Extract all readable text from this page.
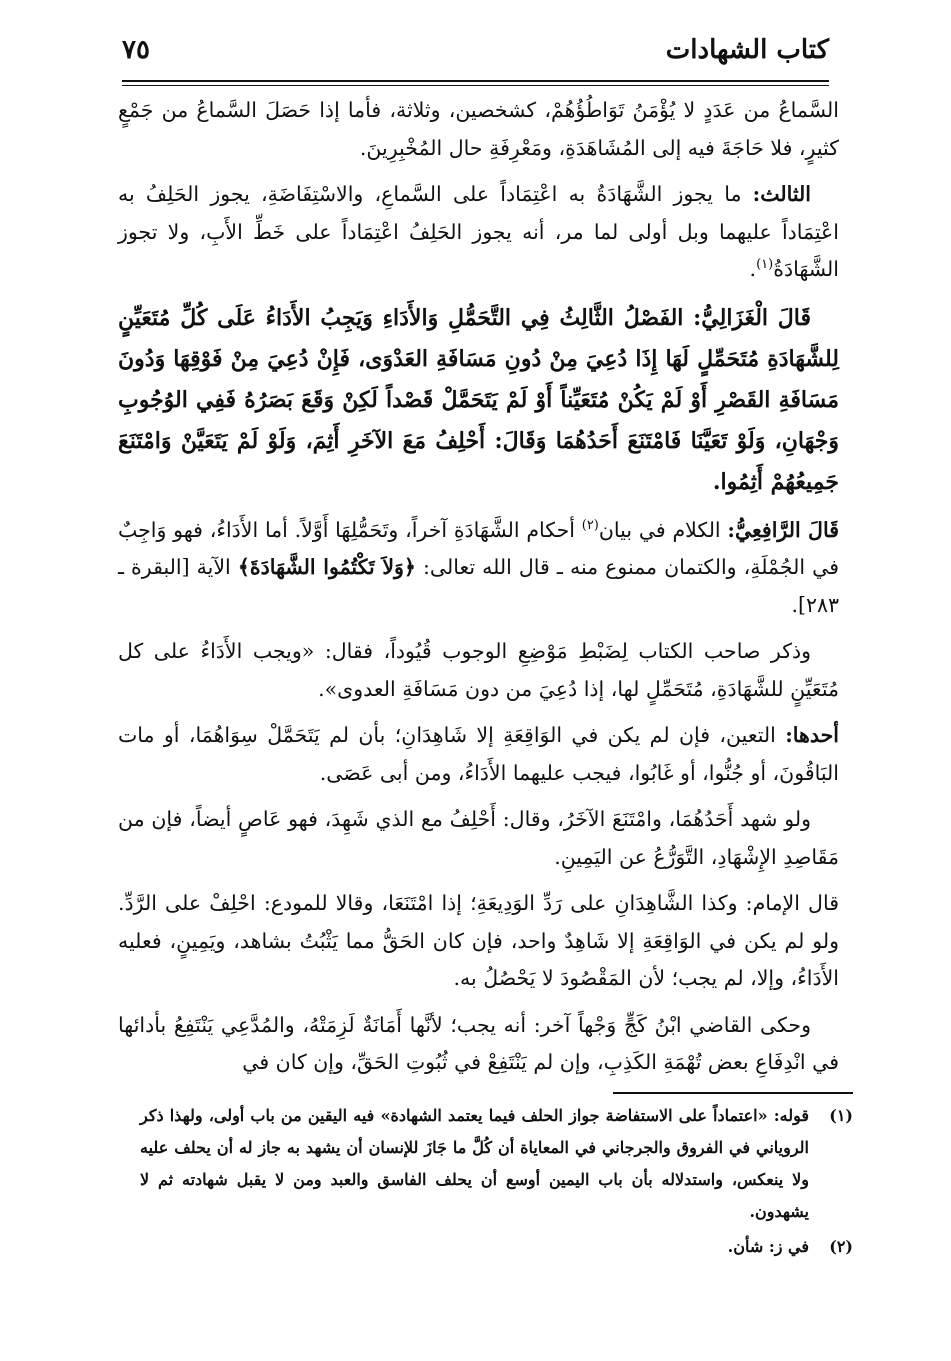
كتاب الشهادات
٧٥

السَّماعُ من عَدَدٍ لا يُؤْمَنُ تَوَاطُؤُهُمْ، كشخصين، وثلاثة، فأما إذا حَصَلَ السَّماعُ من جَمْعٍ كثيرٍ، فلا حَاجَةَ فيه إلى المُشَاهَدَةِ، ومَعْرِفَةِ حال المُخْبِرِينَ.

الثالث: ما يجوز الشَّهَادَةُ به اعْتِمَاداً على السَّماعِ، والاسْتِفَاضَةِ، يجوز الحَلِفُ به اعْتِمَاداً عليهما وبل أولى لما مر، أنه يجوز الحَلِفُ اعْتِمَاداً على خَطِّ الأَبِ، ولا تجوز الشَّهَادَةُ$^{(١)}$.

قَالَ الْغَزَالِيُّ: الفَصْلُ الثَّالِثُ فِي التَّحَمُّلِ وَالأَدَاءِ وَيَجِبُ الأَدَاءُ عَلَى كُلِّ مُتَعَيِّنٍ لِلشَّهَادَةِ مُتَحَمِّلٍ لَهَا إِذَا دُعِيَ مِنْ دُونِ مَسَافَةِ العَدْوَى، فَإِنْ دُعِيَ مِنْ فَوْقِهَا وَدُونَ مَسَافَةِ القَصْرِ أَوْ لَمْ يَكُنْ مُتَعَيِّناً أَوْ لَمْ يَتَحَمَّلْ قَصْداً لَكِنْ وَقَعَ بَصَرُهُ فَفِي الوُجُوبِ وَجْهَانِ، وَلَوْ تَعَيَّنَا فَامْتَنَعَ أَحَدُهُمَا وَقَالَ: أَحْلِفُ مَعَ الآخَرِ أَثِمَ، وَلَوْ لَمْ يَتَعَيَّنْ وَامْتَنَعَ جَمِيعُهُمْ أَثِمُوا.

قَالَ الرَّافِعِيُّ: الكلام في بيان$^{(٢)}$ أحكام الشَّهَادَةِ آخراً، وتَحَمُّلِهَا أَوَّلاً. أما الأَدَاءُ، فهو وَاجِبٌ في الجُمْلَةِ، والكتمان ممنوع منه ـ قال الله تعالى: ﴿وَلاَ تَكْتُمُوا الشَّهَادَةَ﴾ الآية [البقرة ـ ٢٨٣].

وذكر صاحب الكتاب لِضَبْطِ مَوْضِعِ الوجوب قُيُوداً، فقال: «ويجب الأَدَاءُ على كل مُتَعَيِّنٍ للشَّهَادَةِ، مُتَحَمِّلٍ لها، إذا دُعِيَ من دون مَسَافَةِ العدوى».

أحدها: التعين، فإن لم يكن في الوَاقِعَةِ إلا شَاهِدَانِ؛ بأن لم يَتَحَمَّلْ سِوَاهُمَا، أو مات البَاقُونَ، أو جُنُّوا، أو غَابُوا، فيجب عليهما الأَدَاءُ، ومن أبى عَصَى.

ولو شهد أَحَدُهُمَا، وامْتَنَعَ الآخَرُ، وقال: أَحْلِفُ مع الذي شَهِدَ، فهو عَاصٍ أيضاً، فإن من مَقَاصِدِ الإِشْهَادِ، التَّوَرُّعُ عن اليَمِينِ.

قال الإمام: وكذا الشَّاهِدَانِ على رَدِّ الوَدِيعَةِ؛ إذا امْتَنَعَا، وقالا للمودع: احْلِفْ على الرَّدِّ. ولو لم يكن في الوَاقِعَةِ إلا شَاهِدٌ واحد، فإن كان الحَقُّ مما يَثْبُتُ بشاهد، ويَمِينٍ، فعليه الأَدَاءُ، وإلا، لم يجب؛ لأن المَقْصُودَ لا يَحْصُلُ به.

وحكى القاضي ابْنُ كَجٍّ وَجْهاً آخر: أنه يجب؛ لأنَّها أَمَانَةٌ لَزِمَتْهُ، والمُدَّعِي يَنْتَفِعُ بأدائها في انْدِفَاعِ بعض تُهْمَةِ الكَذِبِ، وإن لم يَنْتَفِعْ في ثُبُوتِ الحَقِّ، وإن كان في

(١)
قوله: «اعتماداً على الاستفاضة جواز الحلف فيما يعتمد الشهادة» فيه اليقين من باب أولى، ولهذا ذكر الروياني في الفروق والجرجاني في المعاياة أن كُلَّ ما جَازَ للإنسان أن يشهد به جاز له أن يحلف عليه ولا ينعكس، واستدلاله بأن باب اليمين أوسع أن يحلف الفاسق والعبد ومن لا يقبل شهادته ثم لا يشهدون.
(٢)
في ز: شأن.
